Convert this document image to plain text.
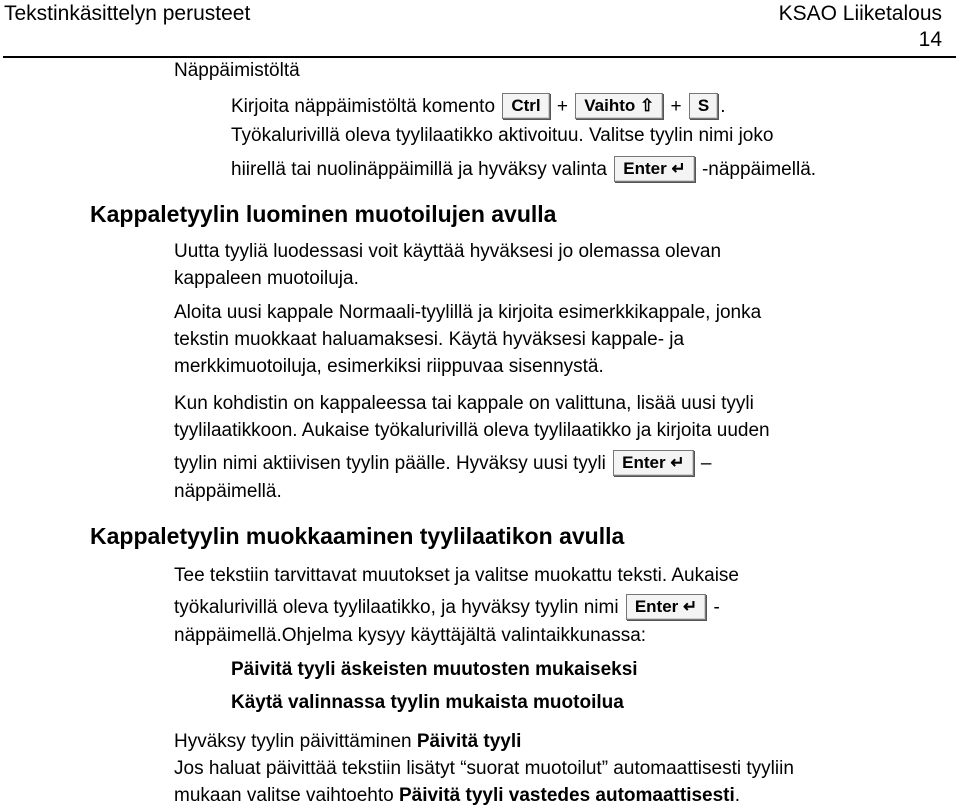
Tekstinkäsittelyn perusteet	KSAO Liiketalous
14
Näppäimistöltä
Kirjoita näppäimistöltä komento Ctrl + Vaihto ⇧ + S .
Työkalurivillä oleva tyylilaatikko aktivoituu. Valitse tyylin nimi joko
hiirellä tai nuolinäppäimillä ja hyväksy valinta Enter ↵ -näppäimellä.
Kappaletyylin luominen muotoilujen avulla
Uutta tyyliä luodessasi voit käyttää hyväksesi jo olemassa olevan
kappaleen muotoiluja.
Aloita uusi kappale Normaali-tyylillä ja kirjoita esimerkkikappale, jonka
tekstin muokkaat haluamaksesi. Käytä hyväksesi kappale- ja
merkkimuotoiluja, esimerkiksi riippuvaa sisennystä.
Kun kohdistin on kappaleessa tai kappale on valittuna, lisää uusi tyyli
tyylilaatikkoon. Aukaise työkalurivillä oleva tyylilaatikko ja kirjoita uuden
tyylin nimi aktiivisen tyylin päälle. Hyväksy uusi tyyli Enter ↵ –
näppäimellä.
Kappaletyylin muokkaaminen tyylilaatikon avulla
Tee tekstiin tarvittavat muutokset ja valitse muokattu teksti. Aukaise
työkalurivillä oleva tyylilaatikko, ja hyväksy tyylin nimi Enter ↵ -
näppäimellä.Ohjelma kysyy käyttäjältä valintaikkunassa:
Päivitä tyyli äskeisten muutosten mukaiseksi
Käytä valinnassa tyylin mukaista muotoilua
Hyväksy tyylin päivittäminen Päivitä tyyli
Jos haluat päivittää tekstiin lisätyt “suorat muotoilut” automaattisesti tyyliin
mukaan valitse vaihtoehto Päivitä tyyli vastedes automaattisesti.
